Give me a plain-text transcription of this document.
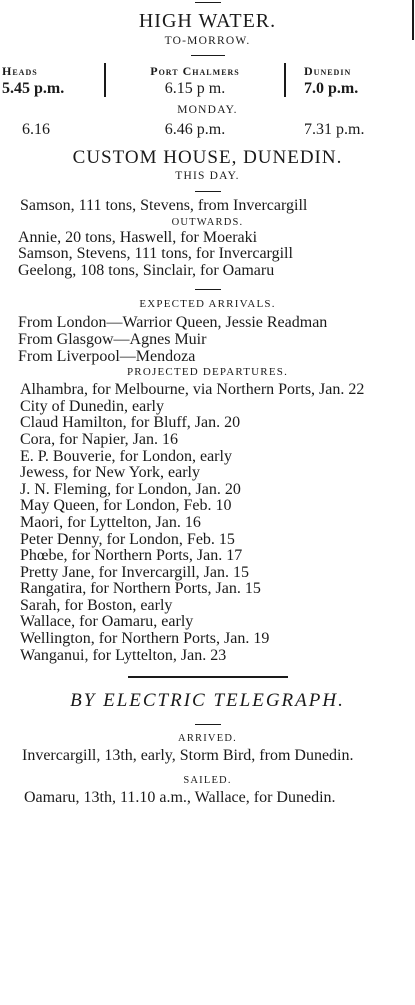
HIGH WATER.
TO-MORROW.
Heads
5.45 p.m.
Port Chalmers
6.15 p m.
Dunedin
7.0 p.m.
MONDAY.
6.16	6.46 p.m.	7.31 p.m.
CUSTOM HOUSE, DUNEDIN.
THIS DAY.
Samson, 111 tons, Stevens, from Invercargill
OUTWARDS.
Annie, 20 tons, Haswell, for Moeraki
Samson, Stevens, 111 tons, for Invercargill
Geelong, 108 tons, Sinclair, for Oamaru
EXPECTED ARRIVALS.
From London—Warrior Queen, Jessie Readman
From Glasgow—Agnes Muir
From Liverpool—Mendoza
PROJECTED DEPARTURES.
Alhambra, for Melbourne, via Northern Ports, Jan. 22
City of Dunedin, early
Claud Hamilton, for Bluff, Jan. 20
Cora, for Napier, Jan. 16
E. P. Bouverie, for London, early
Jewess, for New York, early
J. N. Fleming, for London, Jan. 20
May Queen, for London, Feb. 10
Maori, for Lyttelton, Jan. 16
Peter Denny, for London, Feb. 15
Phœbe, for Northern Ports, Jan. 17
Pretty Jane, for Invercargill, Jan. 15
Rangatira, for Northern Ports, Jan. 15
Sarah, for Boston, early
Wallace, for Oamaru, early
Wellington, for Northern Ports, Jan. 19
Wanganui, for Lyttelton, Jan. 23
BY ELECTRIC TELEGRAPH.
ARRIVED.
Invercargill, 13th, early, Storm Bird, from Dunedin.
SAILED.
Oamaru, 13th, 11.10 a.m., Wallace, for Dunedin.
